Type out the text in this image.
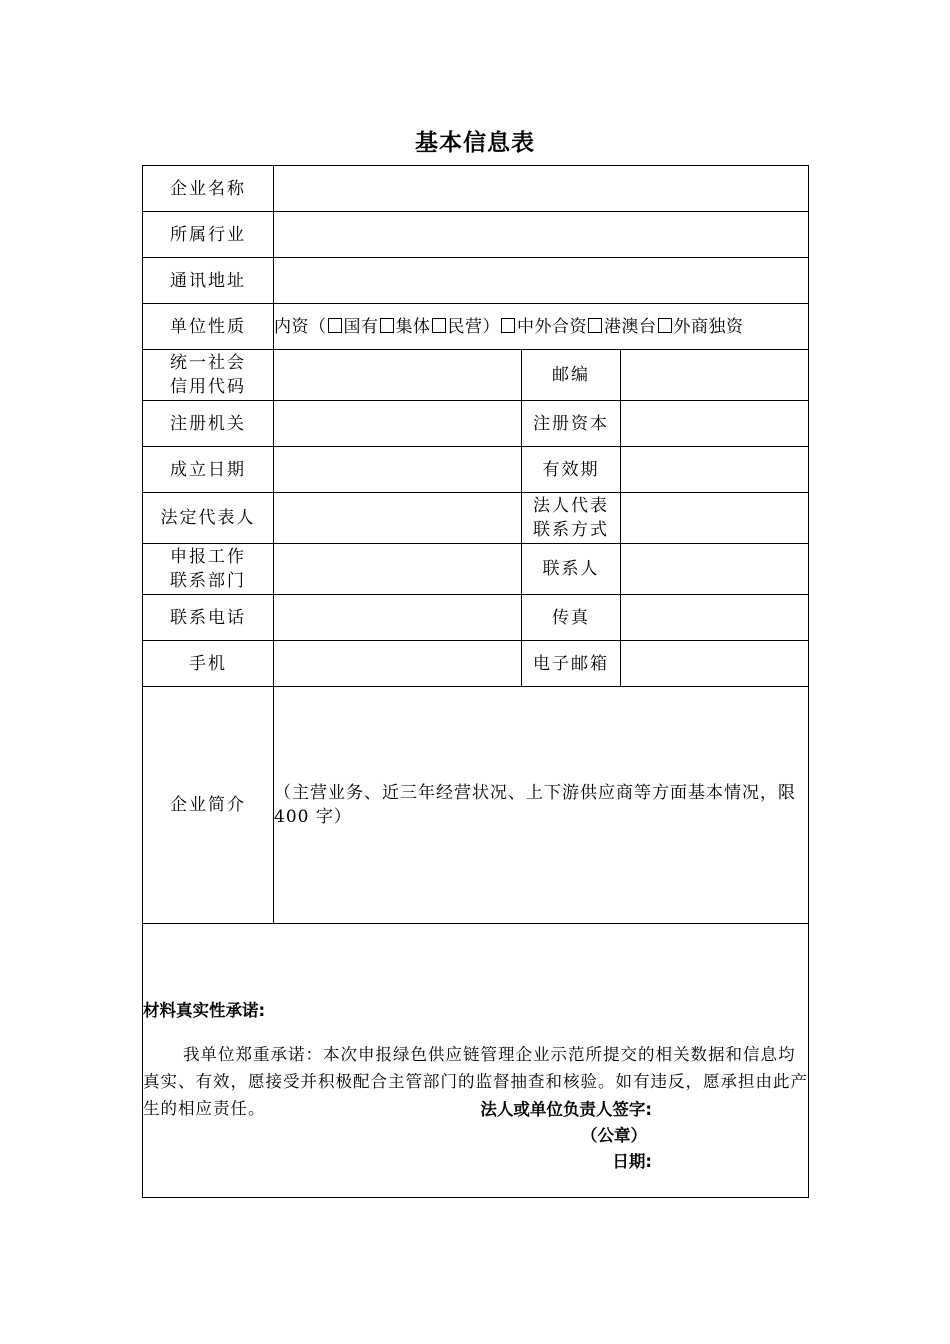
基本信息表
企业名称			
所属行业			
通讯地址			
单位性质	内资（ 国有 集体 民营） 中外合资 港澳台 外商独资		

统一社会
信用代码		邮编	
注册机关		注册资本	
成立日期		有效期	
法定代表人		法人代表
联系方式	

申报工作
联系部门		联系人	
联系电话		传真	
手机		电子邮箱	
企业简介	（主营业务、近三年经营状况、上下游供应商等方面基本情况，限 400 字）		

材料真实性承诺:
我单位郑重承诺：本次申报绿色供应链管理企业示范所提交的相关数据和信息均真实、有效，愿接受并积极配合主管部门的监督抽查和核验。如有违反，愿承担由此产生的相应责任。 法人或单位负责人签字:
（公章）
日期:			
